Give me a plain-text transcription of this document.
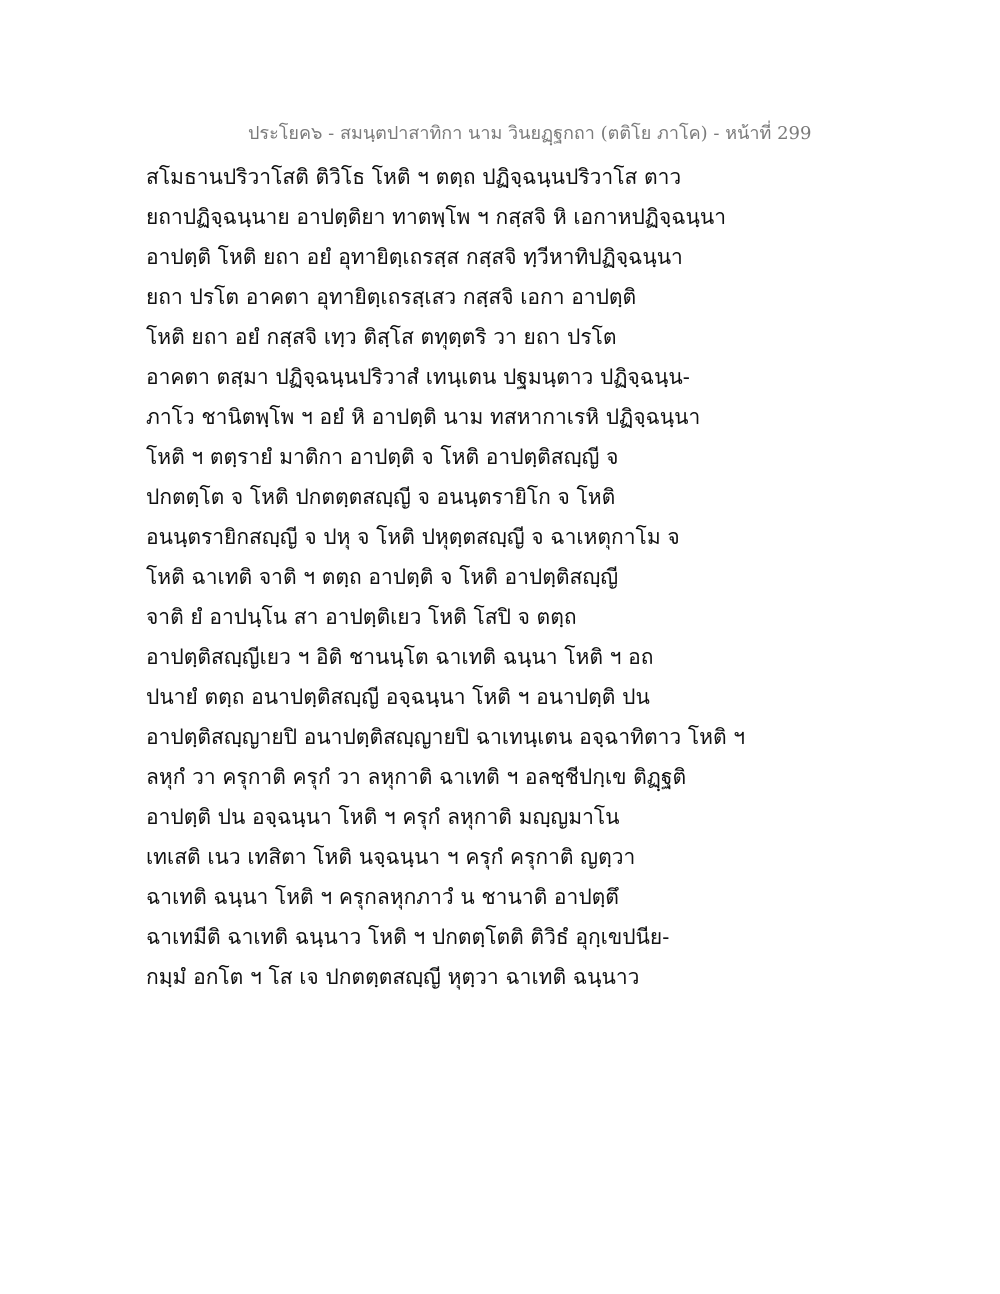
ประโยค๖ - สมนฺตปาสาทิกา นาม วินยฏฺฐกถา (ตติโย ภาโค) - หน้าที่ 299
สโมธานปริวาโสติ ติวิโธ โหติ ฯ ตตฺถ ปฏิจฺฉนฺนปริวาโส ตาว
ยถาปฏิจฺฉนฺนาย อาปตฺติยา ทาตพฺโพ ฯ กสฺสจิ หิ เอกาหปฏิจฺฉนฺนา
อาปตฺติ โหติ ยถา อยํ อุทายิตฺเถรสฺส กสฺสจิ ทฺวีหาทิปฏิจฺฉนฺนา
ยถา ปรโต อาคตา อุทายิตฺเถรสฺเสว กสฺสจิ เอกา อาปตฺติ
โหติ ยถา อยํ กสฺสจิ เทฺว ติสฺโส ตทุตฺตริ วา ยถา ปรโต
อาคตา ตสฺมา ปฏิจฺฉนฺนปริวาสํ เทนฺเตน ปฐมนฺตาว ปฏิจฺฉนฺน-
ภาโว ชานิตพฺโพ ฯ อยํ หิ อาปตฺติ นาม ทสหากาเรหิ ปฏิจฺฉนฺนา
โหติ ฯ ตตฺรายํ มาติกา อาปตฺติ จ โหติ อาปตฺติสญฺญี จ
ปกตตฺโต จ โหติ ปกตตฺตสญฺญี จ อนนฺตรายิโก จ โหติ
อนนฺตรายิกสญฺญี จ ปหุ จ โหติ ปหุตฺตสญฺญี จ ฉาเหตุกาโม จ
โหติ ฉาเทติ จาติ ฯ ตตฺถ อาปตฺติ จ โหติ อาปตฺติสญฺญี
จาติ ยํ อาปนฺโน สา อาปตฺติเยว โหติ โสปิ จ ตตฺถ
อาปตฺติสญฺญีเยว ฯ อิติ ชานนฺโต ฉาเทติ ฉนฺนา โหติ ฯ อถ
ปนายํ ตตฺถ อนาปตฺติสญฺญี อจฺฉนฺนา โหติ ฯ อนาปตฺติ ปน
อาปตฺติสญฺญายปิ อนาปตฺติสญฺญายปิ ฉาเทนฺเตน อจฺฉาทิตาว โหติ ฯ
ลหุกํ วา ครุกาติ ครุกํ วา ลหุกาติ ฉาเทติ ฯ อลชฺชีปกฺเข ติฏฺฐติ
อาปตฺติ ปน อจฺฉนฺนา โหติ ฯ ครุกํ ลหุกาติ มญฺญมาโน
เทเสติ เนว เทสิตา โหติ นจฺฉนฺนา ฯ ครุกํ ครุกาติ ญตฺวา
ฉาเทติ ฉนฺนา โหติ ฯ ครุกลหุกภาวํ น ชานาติ อาปตฺตึ
ฉาเทมีติ ฉาเทติ ฉนฺนาว โหติ ฯ ปกตตฺโตติ ติวิธํ อุกฺเขปนีย-
กมฺมํ อกโต ฯ โส เจ ปกตตฺตสญฺญี หุตฺวา ฉาเทติ ฉนฺนาว
